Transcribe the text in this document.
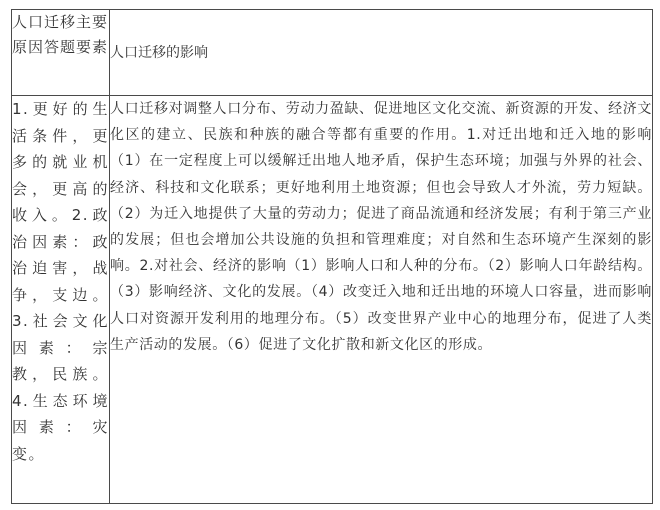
人口迁移主要原因答题要素	人口迁移的影响
1.更好的生活条件，更多的就业机会，更高的收入。2.政治因素：政治迫害，战争，支边。3.社会文化因素：宗教，民族。4.生态环境因素：灾变。	人口迁移对调整人口分布、劳动力盈缺、促进地区文化交流、新资源的开发、经济文化区的建立、民族和种族的融合等都有重要的作用。1.对迁出地和迁入地的影响（1）在一定程度上可以缓解迁出地人地矛盾，保护生态环境；加强与外界的社会、经济、科技和文化联系；更好地利用土地资源；但也会导致人才外流，劳力短缺。（2）为迁入地提供了大量的劳动力；促进了商品流通和经济发展；有利于第三产业的发展；但也会增加公共设施的负担和管理难度；对自然和生态环境产生深刻的影响。2.对社会、经济的影响（1）影响人口和人种的分布。（2）影响人口年龄结构。（3）影响经济、文化的发展。（4）改变迁入地和迁出地的环境人口容量，进而影响人口对资源开发利用的地理分布。（5）改变世界产业中心的地理分布，促进了人类生产活动的发展。（6）促进了文化扩散和新文化区的形成。
